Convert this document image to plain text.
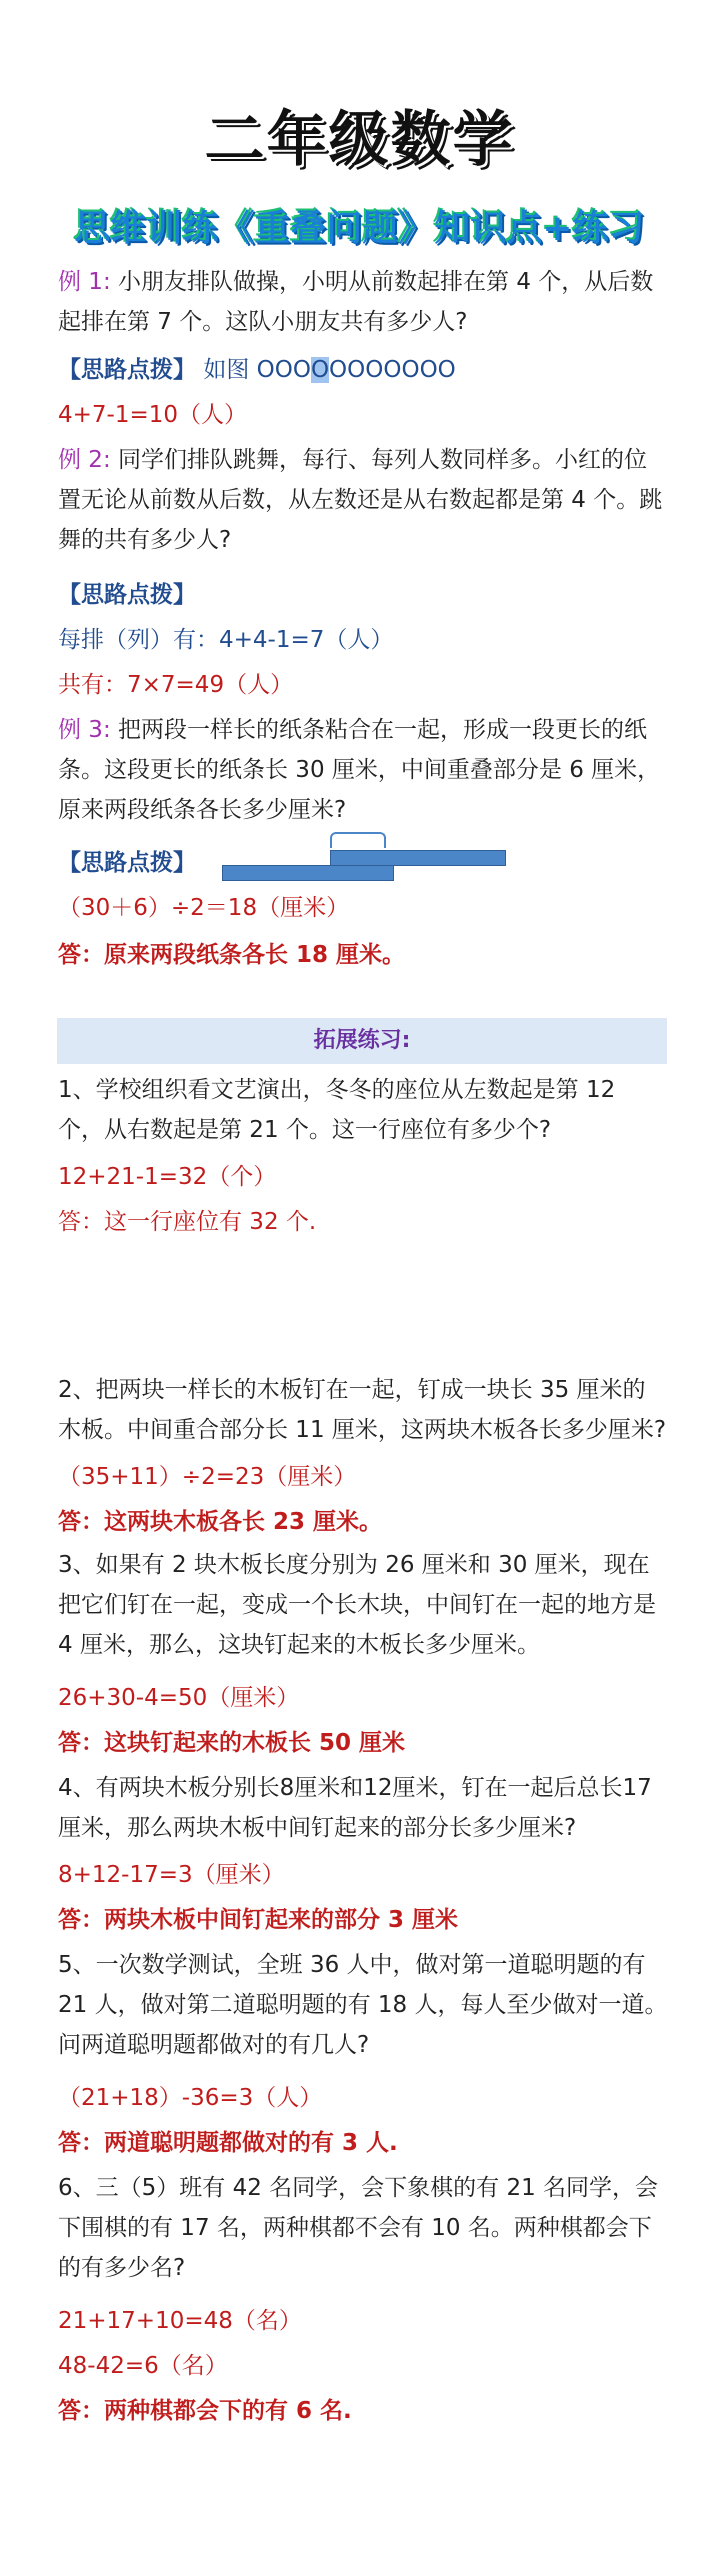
二年级数学
思维训练《重叠问题》知识点+练习
例 1: 小朋友排队做操，小明从前数起排在第 4 个，从后数起排在第 7 个。这队小朋友共有多少人?
【思路点拨】 如图 OOOOOOOOOOO
4+7-1=10（人）
例 2: 同学们排队跳舞，每行、每列人数同样多。小红的位置无论从前数从后数，从左数还是从右数起都是第 4 个。跳舞的共有多少人?
【思路点拨】
每排（列）有：4+4-1=7（人）
共有：7×7=49（人）
例 3: 把两段一样长的纸条粘合在一起，形成一段更长的纸条。这段更长的纸条长 30 厘米，中间重叠部分是 6 厘米，原来两段纸条各长多少厘米?
【思路点拨】
（30＋6）÷2＝18（厘米）
答：原来两段纸条各长 18 厘米。
拓展练习:
1、学校组织看文艺演出，冬冬的座位从左数起是第 12 个，从右数起是第 21 个。这一行座位有多少个?
12+21-1=32（个）
答：这一行座位有 32 个.
2、把两块一样长的木板钉在一起，钉成一块长 35 厘米的木板。中间重合部分长 11 厘米，这两块木板各长多少厘米?
（35+11）÷2=23（厘米）
答：这两块木板各长 23 厘米。
3、如果有 2 块木板长度分别为 26 厘米和 30 厘米，现在把它们钉在一起，变成一个长木块，中间钉在一起的地方是 4 厘米，那么，这块钉起来的木板长多少厘米。
26+30-4=50（厘米）
答：这块钉起来的木板长 50 厘米
4、有两块木板分别长8厘米和12厘米，钉在一起后总长17厘米，那么两块木板中间钉起来的部分长多少厘米?
8+12-17=3（厘米）
答：两块木板中间钉起来的部分 3 厘米
5、一次数学测试，全班 36 人中，做对第一道聪明题的有 21 人，做对第二道聪明题的有 18 人，每人至少做对一道。问两道聪明题都做对的有几人?
（21+18）-36=3（人）
答：两道聪明题都做对的有 3 人.
6、三（5）班有 42 名同学，会下象棋的有 21 名同学，会下围棋的有 17 名，两种棋都不会有 10 名。两种棋都会下的有多少名?
21+17+10=48（名）
48-42=6（名）
答：两种棋都会下的有 6 名.
